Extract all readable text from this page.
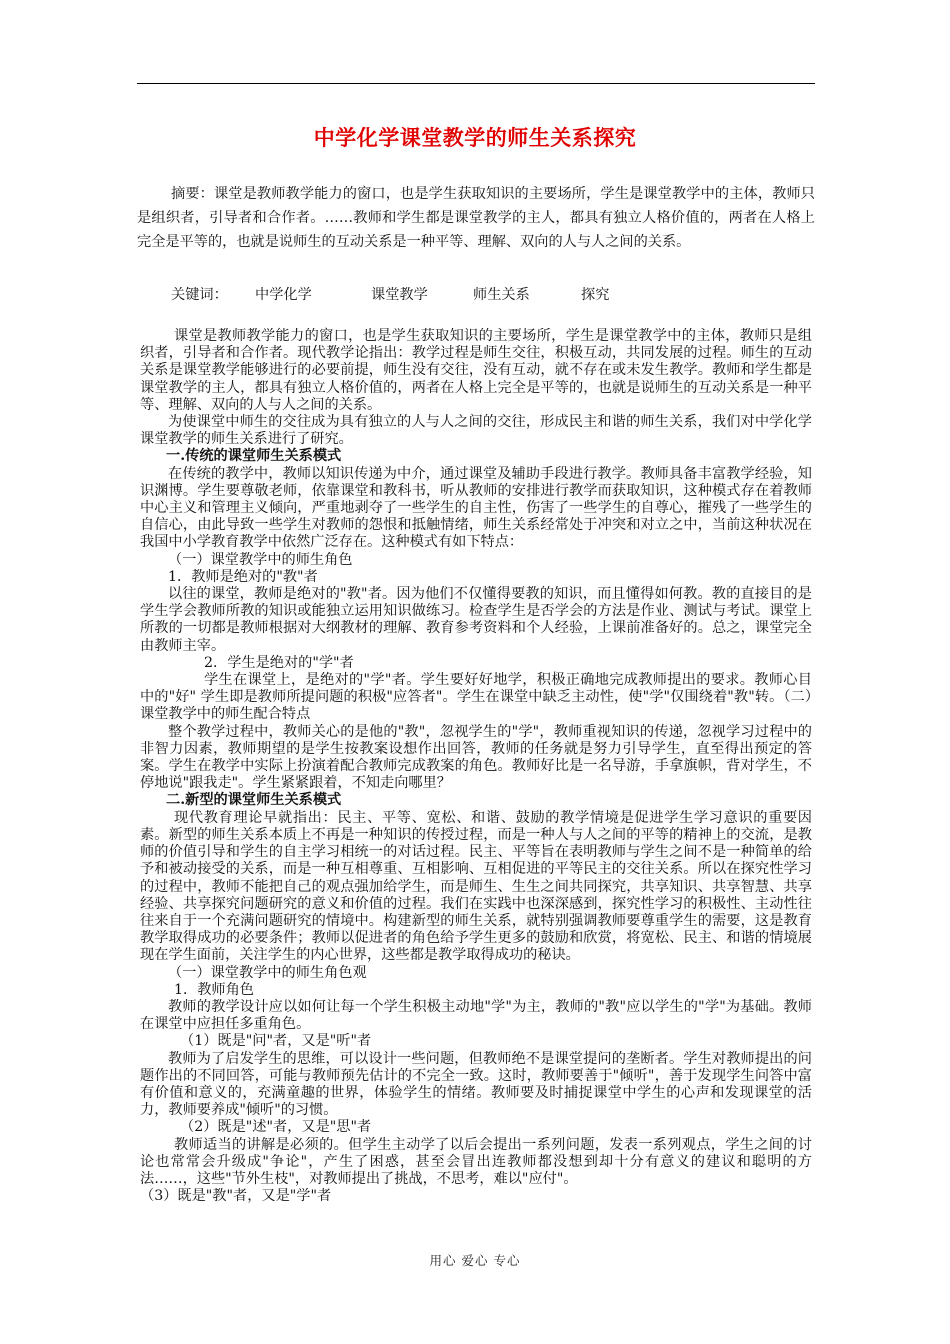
中学化学课堂教学的师生关系探究

摘要：课堂是教师教学能力的窗口，也是学生获取知识的主要场所，学生是课堂教学中的主体，教师只是组织者，引导者和合作者。……教师和学生都是课堂教学的主人，都具有独立人格价值的，两者在人格上完全是平等的，也就是说师生的互动关系是一种平等、理解、双向的人与人之间的关系。

关键词： 中学化学	课堂教学	师生关系	探究

课堂是教师教学能力的窗口，也是学生获取知识的主要场所，学生是课堂教学中的主体，教师只是组织者，引导者和合作者。现代教学论指出：教学过程是师生交往，积极互动，共同发展的过程。师生的互动关系是课堂教学能够进行的必要前提，师生没有交往，没有互动，就不存在或未发生教学。教师和学生都是课堂教学的主人，都具有独立人格价值的，两者在人格上完全是平等的，也就是说师生的互动关系是一种平等、理解、双向的人与人之间的关系。

为使课堂中师生的交往成为具有独立的人与人之间的交往，形成民主和谐的师生关系，我们对中学化学课堂教学的师生关系进行了研究。

一.传统的课堂师生关系模式

在传统的教学中，教师以知识传递为中介，通过课堂及辅助手段进行教学。教师具备丰富教学经验，知识渊博。学生要尊敬老师，依靠课堂和教科书，听从教师的安排进行教学而获取知识，这种模式存在着教师中心主义和管理主义倾向，严重地剥夺了一些学生的自主性，伤害了一些学生的自尊心，摧残了一些学生的自信心，由此导致一些学生对教师的怨恨和抵触情绪，师生关系经常处于冲突和对立之中，当前这种状况在我国中小学教育教学中依然广泛存在。这种模式有如下特点：

（一）课堂教学中的师生角色

1．教师是绝对的"教"者

以往的课堂，教师是绝对的"教"者。因为他们不仅懂得要教的知识，而且懂得如何教。教的直接目的是学生学会教师所教的知识或能独立运用知识做练习。检查学生是否学会的方法是作业、测试与考试。课堂上所教的一切都是教师根据对大纲教材的理解、教育参考资料和个人经验，上课前准备好的。总之，课堂完全由教师主宰。

2．学生是绝对的"学"者

学生在课堂上，是绝对的"学"者。学生要好好地学，积极正确地完成教师提出的要求。教师心目中的"好" 学生即是教师所提问题的积极"应答者"。学生在课堂中缺乏主动性，使"学"仅围绕着"教"转。（二）课堂教学中的师生配合特点

整个教学过程中，教师关心的是他的"教"，忽视学生的"学"，教师重视知识的传递，忽视学习过程中的非智力因素，教师期望的是学生按教案设想作出回答，教师的任务就是努力引导学生，直至得出预定的答案。学生在教学中实际上扮演着配合教师完成教案的角色。教师好比是一名导游，手拿旗帜，背对学生，不停地说"跟我走"。学生紧紧跟着，不知走向哪里？

二.新型的课堂师生关系模式

现代教育理论早就指出：民主、平等、宽松、和谐、鼓励的教学情境是促进学生学习意识的重要因素。新型的师生关系本质上不再是一种知识的传授过程，而是一种人与人之间的平等的精神上的交流，是教师的价值引导和学生的自主学习相统一的对话过程。民主、平等旨在表明教师与学生之间不是一种简单的给予和被动接受的关系，而是一种互相尊重、互相影响、互相促进的平等民主的交往关系。所以在探究性学习的过程中，教师不能把自己的观点强加给学生，而是师生、生生之间共同探究，共享知识、共享智慧、共享经验、共享探究问题研究的意义和价值的过程。我们在实践中也深深感到，探究性学习的积极性、主动性往往来自于一个充满问题研究的情境中。构建新型的师生关系，就特别强调教师要尊重学生的需要，这是教育教学取得成功的必要条件；教师以促进者的角色给予学生更多的鼓励和欣赏，将宽松、民主、和谐的情境展现在学生面前，关注学生的内心世界，这些都是教学取得成功的秘诀。

（一）课堂教学中的师生角色观

1．教师角色

教师的教学设计应以如何让每一个学生积极主动地"学"为主，教师的"教"应以学生的"学"为基础。教师在课堂中应担任多重角色。

（1）既是"问"者，又是"听"者

教师为了启发学生的思维，可以设计一些问题，但教师绝不是课堂提问的垄断者。学生对教师提出的问题作出的不同回答，可能与教师预先估计的不完全一致。这时，教师要善于"倾听"，善于发现学生问答中富有价值和意义的，充满童趣的世界，体验学生的情绪。教师要及时捕捉课堂中学生的心声和发现课堂的活力，教师要养成"倾听"的习惯。

（2）既是"述"者，又是"思"者

教师适当的讲解是必须的。但学生主动学了以后会提出一系列问题，发表一系列观点，学生之间的讨论也常常会升级成"争论"，产生了困惑，甚至会冒出连教师都没想到却十分有意义的建议和聪明的方法……，这些"节外生枝"，对教师提出了挑战，不思考，难以"应付"。

（3）既是"教"者，又是"学"者

用心 爱心 专心
